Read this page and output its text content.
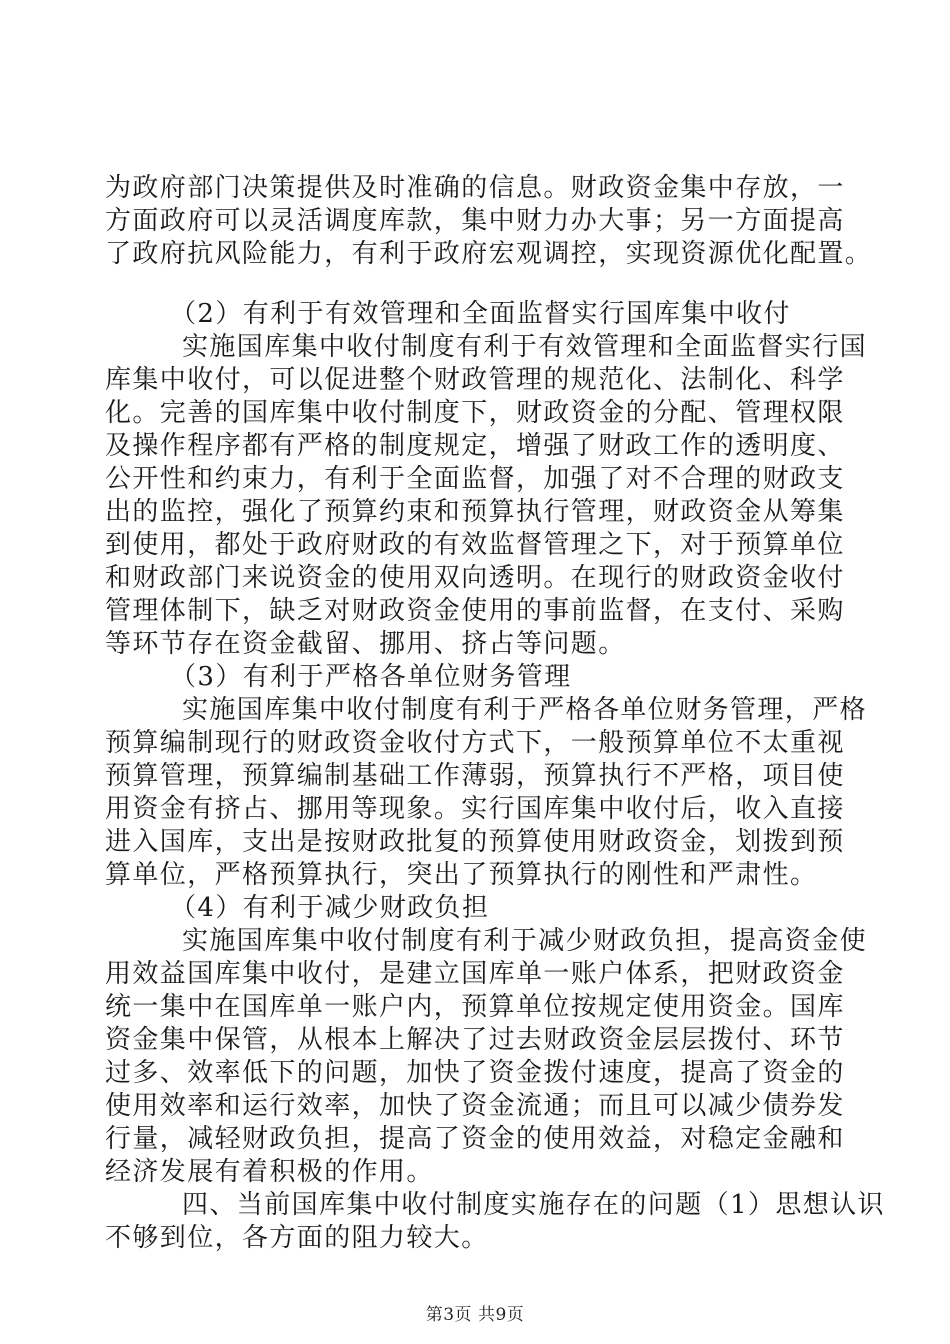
为政府部门决策提供及时准确的信息。财政资金集中存放，一
方面政府可以灵活调度库款，集中财力办大事；另一方面提高
了政府抗风险能力，有利于政府宏观调控，实现资源优化配置。
（2）有利于有效管理和全面监督实行国库集中收付
实施国库集中收付制度有利于有效管理和全面监督实行国
库集中收付，可以促进整个财政管理的规范化、法制化、科学
化。完善的国库集中收付制度下，财政资金的分配、管理权限
及操作程序都有严格的制度规定，增强了财政工作的透明度、
公开性和约束力，有利于全面监督，加强了对不合理的财政支
出的监控，强化了预算约束和预算执行管理，财政资金从筹集
到使用，都处于政府财政的有效监督管理之下，对于预算单位
和财政部门来说资金的使用双向透明。在现行的财政资金收付
管理体制下，缺乏对财政资金使用的事前监督，在支付、采购
等环节存在资金截留、挪用、挤占等问题。
（3）有利于严格各单位财务管理
实施国库集中收付制度有利于严格各单位财务管理，严格
预算编制现行的财政资金收付方式下，一般预算单位不太重视
预算管理，预算编制基础工作薄弱，预算执行不严格，项目使
用资金有挤占、挪用等现象。实行国库集中收付后，收入直接
进入国库，支出是按财政批复的预算使用财政资金，划拨到预
算单位，严格预算执行，突出了预算执行的刚性和严肃性。
（4）有利于减少财政负担
实施国库集中收付制度有利于减少财政负担，提高资金使
用效益国库集中收付，是建立国库单一账户体系，把财政资金
统一集中在国库单一账户内，预算单位按规定使用资金。国库
资金集中保管，从根本上解决了过去财政资金层层拨付、环节
过多、效率低下的问题，加快了资金拨付速度，提高了资金的
使用效率和运行效率，加快了资金流通；而且可以减少债券发
行量，减轻财政负担，提高了资金的使用效益，对稳定金融和
经济发展有着积极的作用。
四、当前国库集中收付制度实施存在的问题（1）思想认识
不够到位，各方面的阻力较大。
第3页 共9页
